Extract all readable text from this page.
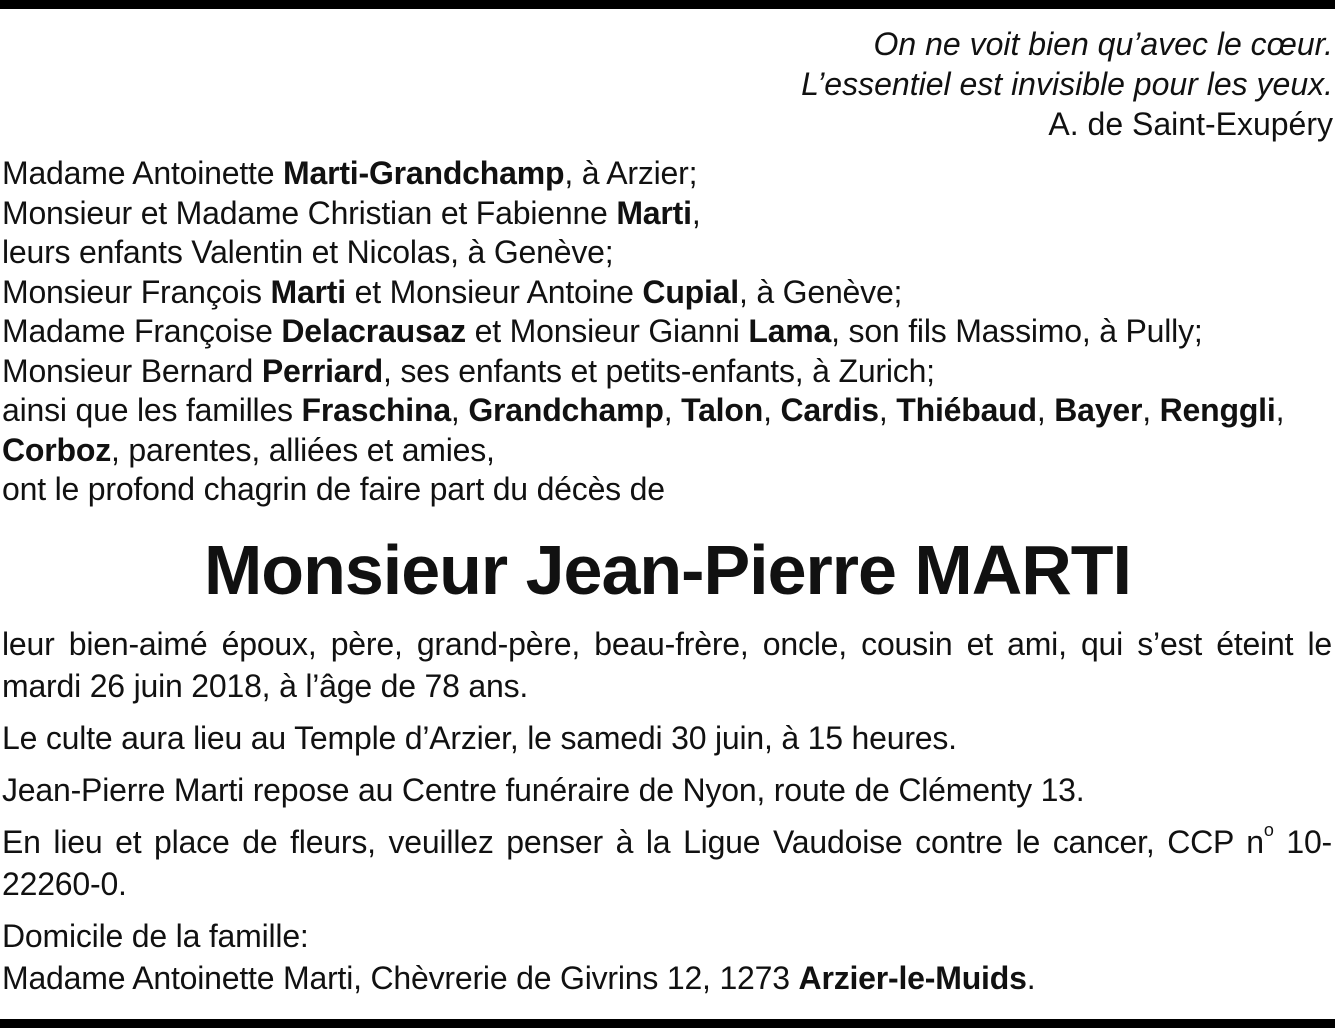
On ne voit bien qu’avec le cœur.
L’essentiel est invisible pour les yeux.
A. de Saint-Exupéry
Madame Antoinette Marti-Grandchamp, à Arzier;
Monsieur et Madame Christian et Fabienne Marti,
leurs enfants Valentin et Nicolas, à Genève;
Monsieur François Marti et Monsieur Antoine Cupial, à Genève;
Madame Françoise Delacrausaz et Monsieur Gianni Lama, son fils Massimo, à Pully;
Monsieur Bernard Perriard, ses enfants et petits-enfants, à Zurich;
ainsi que les familles Fraschina, Grandchamp, Talon, Cardis, Thiébaud, Bayer, Renggli,
Corboz, parentes, alliées et amies,
ont le profond chagrin de faire part du décès de
Monsieur Jean-Pierre MARTI

leur bien-aimé époux, père, grand-père, beau-frère, oncle, cousin et ami, qui s’est éteint le mardi 26 juin 2018, à l’âge de 78 ans.

Le culte aura lieu au Temple d’Arzier, le samedi 30 juin, à 15 heures.

Jean-Pierre Marti repose au Centre funéraire de Nyon, route de Clémenty 13.

En lieu et place de fleurs, veuillez penser à la Ligue Vaudoise contre le cancer, CCP $n^o$ 10-22260-0.

Domicile de la famille:
Madame Antoinette Marti, Chèvrerie de Givrins 12, 1273 Arzier-le-Muids.
